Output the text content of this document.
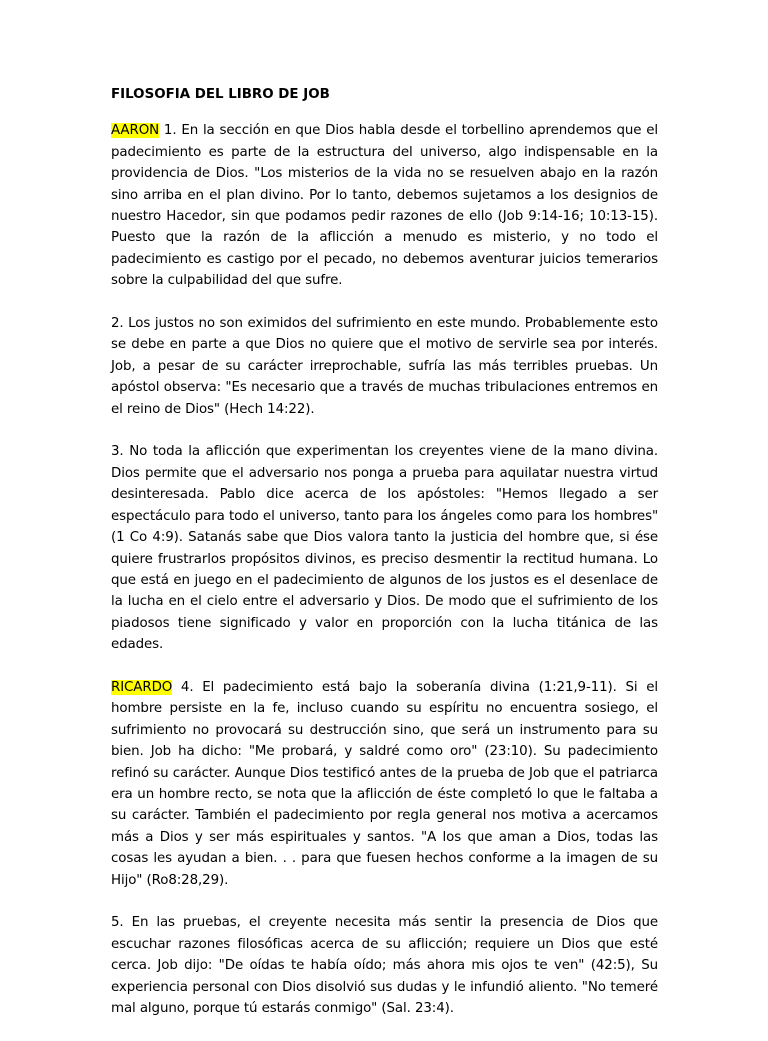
FILOSOFIA DEL LIBRO DE JOB

AARON 1. En la sección en que Dios habla desde el torbellino aprendemos que el padecimiento es parte de la estructura del universo, algo indispensable en la providencia de Dios. "Los misterios de la vida no se resuelven abajo en la razón sino arriba en el plan divino. Por lo tanto, debemos sujetamos a los designios de nuestro Hacedor, sin que podamos pedir razones de ello (Job 9:14-16; 10:13-15). Puesto que la razón de la aflicción a menudo es misterio, y no todo el padecimiento es castigo por el pecado, no debemos aventurar juicios temerarios sobre la culpabilidad del que sufre.

2. Los justos no son eximidos del sufrimiento en este mundo. Probablemente esto se debe en parte a que Dios no quiere que el motivo de servirle sea por interés. Job, a pesar de su carácter irreprochable, sufría las más terribles pruebas. Un apóstol observa: "Es necesario que a través de muchas tribulaciones entremos en el reino de Dios" (Hech 14:22).

3. No toda la aflicción que experimentan los creyentes viene de la mano divina. Dios permite que el adversario nos ponga a prueba para aquilatar nuestra virtud desinteresada. Pablo dice acerca de los apóstoles: "Hemos llegado a ser espectáculo para todo el universo, tanto para los ángeles como para los hombres"(1 Co 4:9). Satanás sabe que Dios valora tanto la justicia del hombre que, si ése quiere frustrarlos propósitos divinos, es preciso desmentir la rectitud humana. Lo que está en juego en el padecimiento de algunos de los justos es el desenlace de la lucha en el cielo entre el adversario y Dios. De modo que el sufrimiento de los piadosos tiene significado y valor en proporción con la lucha titánica de las edades.

RICARDO 4. El padecimiento está bajo la soberanía divina (1:21,9-11). Si el hombre persiste en la fe, incluso cuando su espíritu no encuentra sosiego, el sufrimiento no provocará su destrucción sino, que será un instrumento para su bien. Job ha dicho: "Me probará, y saldré como oro" (23:10). Su padecimiento refinó su carácter. Aunque Dios testificó antes de la prueba de Job que el patriarca era un hombre recto, se nota que la aflicción de éste completó lo que le faltaba a su carácter. También el padecimiento por regla general nos motiva a acercamos más a Dios y ser más espirituales y santos. "A los que aman a Dios, todas las cosas les ayudan a bien. . . para que fuesen hechos conforme a la imagen de su Hijo" (Ro8:28,29).

5. En las pruebas, el creyente necesita más sentir la presencia de Dios que escuchar razones filosóficas acerca de su aflicción; requiere un Dios que esté cerca. Job dijo: "De oídas te había oído; más ahora mis ojos te ven" (42:5), Su experiencia personal con Dios disolvió sus dudas y le infundió aliento. "No temeré mal alguno, porque tú estarás conmigo" (Sal. 23:4).
